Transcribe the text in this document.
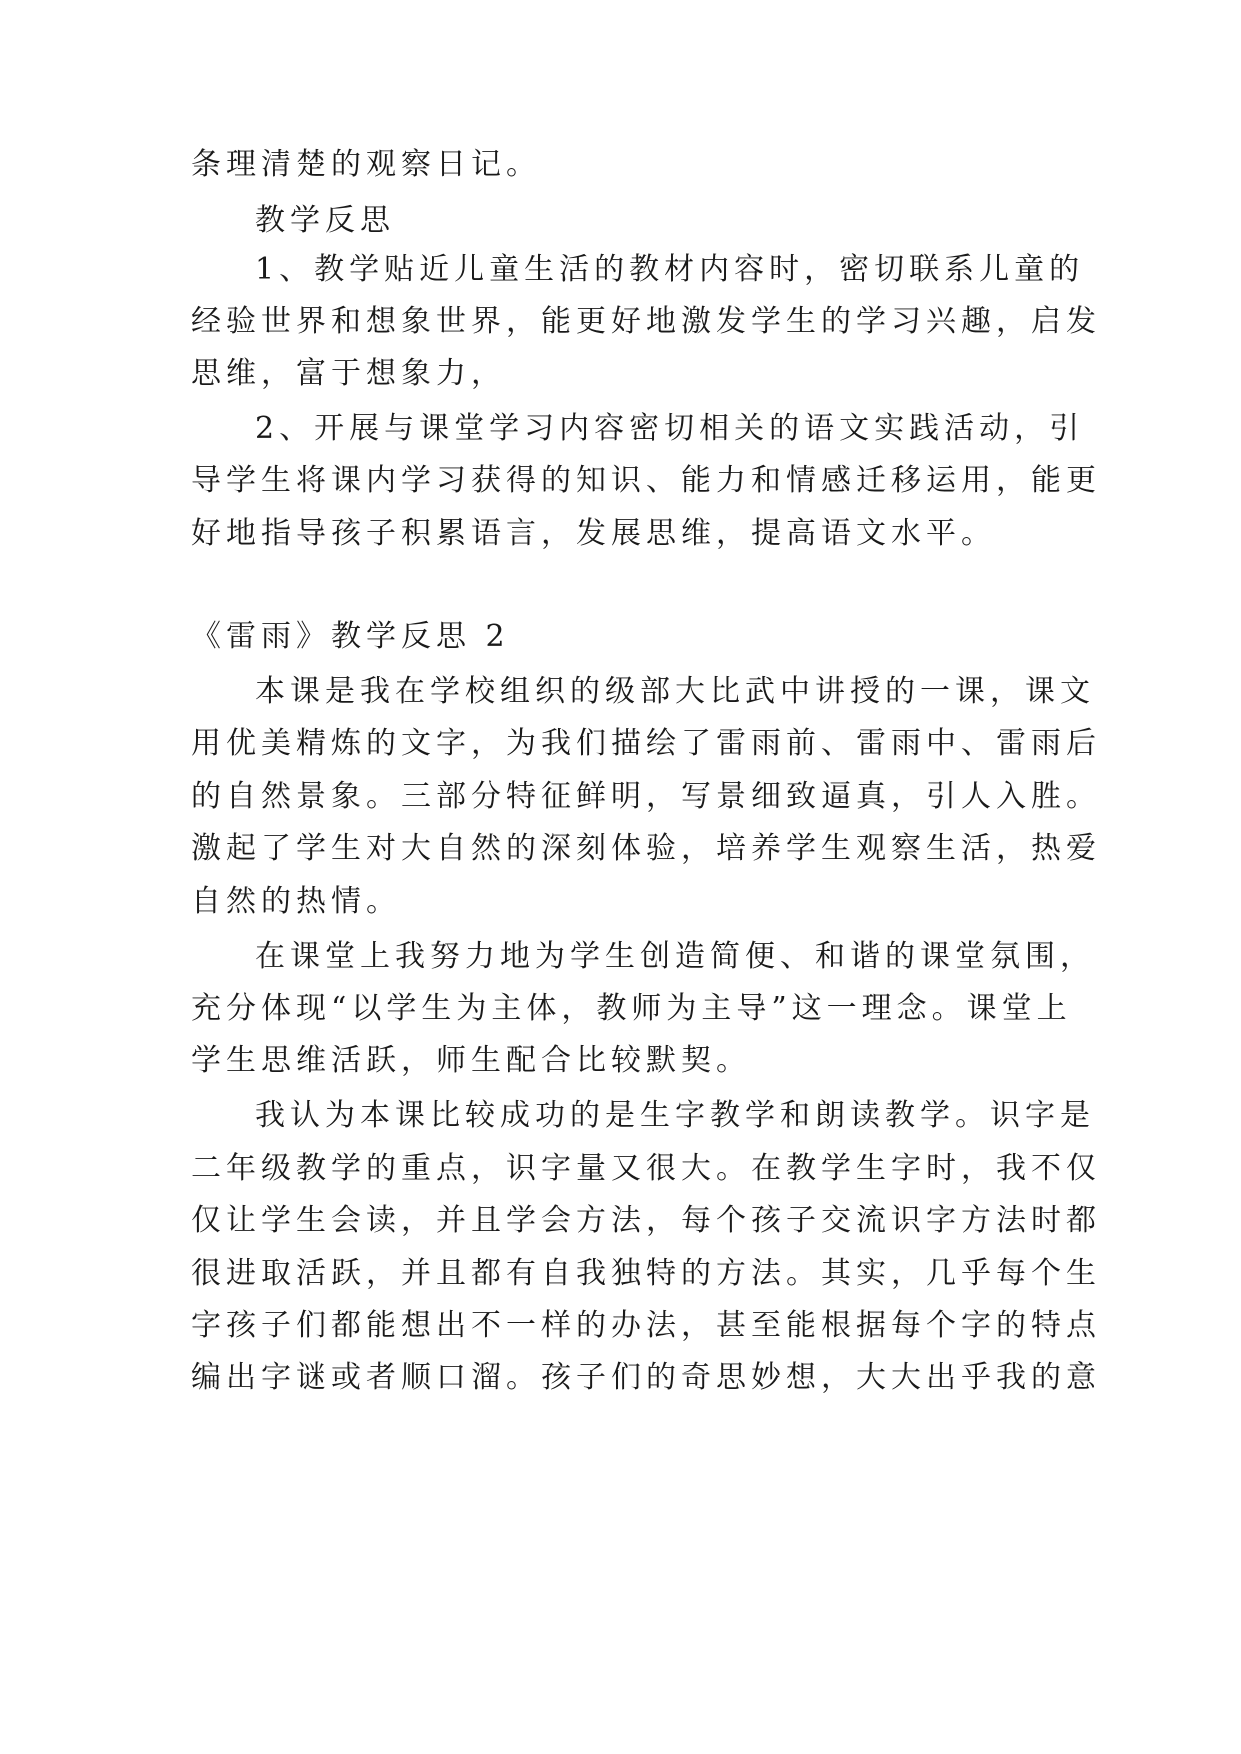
条理清楚的观察日记。
教学反思
1、教学贴近儿童生活的教材内容时，密切联系儿童的
经验世界和想象世界，能更好地激发学生的学习兴趣，启发
思维，富于想象力，
2、开展与课堂学习内容密切相关的语文实践活动，引
导学生将课内学习获得的知识、能力和情感迁移运用，能更
好地指导孩子积累语言，发展思维，提高语文水平。
《雷雨》教学反思 2
本课是我在学校组织的级部大比武中讲授的一课，课文
用优美精炼的文字，为我们描绘了雷雨前、雷雨中、雷雨后
的自然景象。三部分特征鲜明，写景细致逼真，引人入胜。
激起了学生对大自然的深刻体验，培养学生观察生活，热爱
自然的热情。
在课堂上我努力地为学生创造简便、和谐的课堂氛围，
充分体现“以学生为主体，教师为主导”这一理念。课堂上
学生思维活跃，师生配合比较默契。
我认为本课比较成功的是生字教学和朗读教学。识字是
二年级教学的重点，识字量又很大。在教学生字时，我不仅
仅让学生会读，并且学会方法，每个孩子交流识字方法时都
很进取活跃，并且都有自我独特的方法。其实，几乎每个生
字孩子们都能想出不一样的办法，甚至能根据每个字的特点
编出字谜或者顺口溜。孩子们的奇思妙想，大大出乎我的意
